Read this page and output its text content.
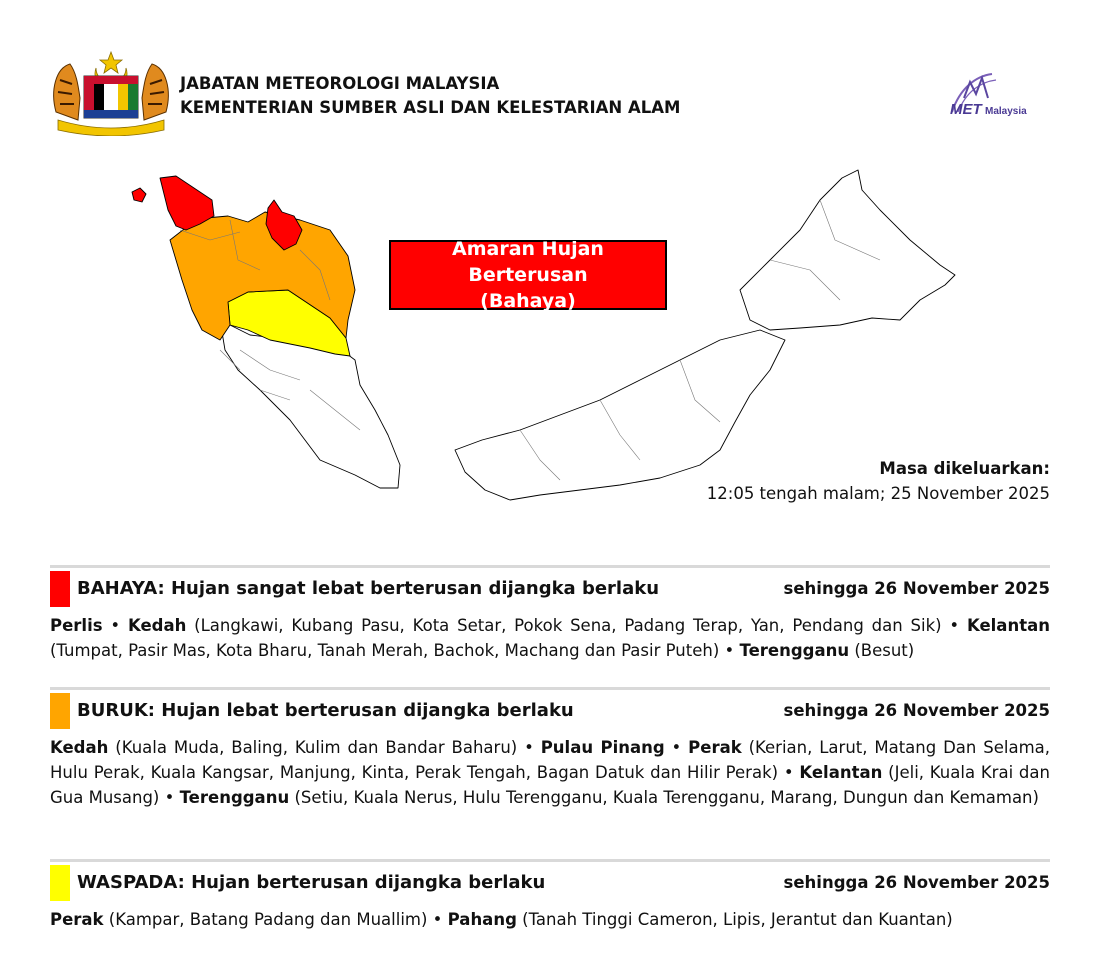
JABATAN METEOROLOGI MALAYSIA
KEMENTERIAN SUMBER ASLI DAN KELESTARIAN ALAM	MET Malaysia
Amaran Hujan Berterusan
(Bahaya)
Masa dikeluarkan:
12:05 tengah malam; 25 November 2025
BAHAYA: Hujan sangat lebat berterusan dijangka berlaku	sehingga 26 November 2025
Perlis • Kedah (Langkawi, Kubang Pasu, Kota Setar, Pokok Sena, Padang Terap, Yan, Pendang dan Sik) • Kelantan (Tumpat, Pasir Mas, Kota Bharu, Tanah Merah, Bachok, Machang dan Pasir Puteh) • Terengganu (Besut)
BURUK: Hujan lebat berterusan dijangka berlaku	sehingga 26 November 2025
Kedah (Kuala Muda, Baling, Kulim dan Bandar Baharu) • Pulau Pinang • Perak (Kerian, Larut, Matang Dan Selama, Hulu Perak, Kuala Kangsar, Manjung, Kinta, Perak Tengah, Bagan Datuk dan Hilir Perak) • Kelantan (Jeli, Kuala Krai dan Gua Musang) • Terengganu (Setiu, Kuala Nerus, Hulu Terengganu, Kuala Terengganu, Marang, Dungun dan Kemaman)
WASPADA: Hujan berterusan dijangka berlaku	sehingga 26 November 2025
Perak (Kampar, Batang Padang dan Muallim) • Pahang (Tanah Tinggi Cameron, Lipis, Jerantut dan Kuantan)
